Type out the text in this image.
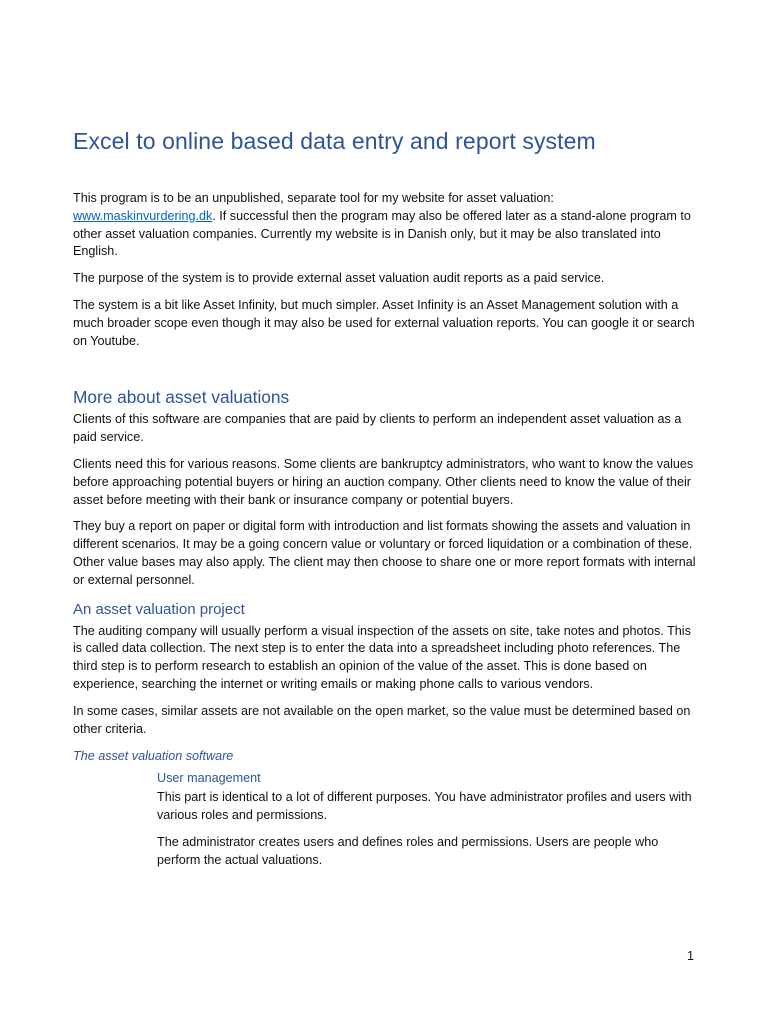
Excel to online based data entry and report system

This program is to be an unpublished, separate tool for my website for asset valuation: www.maskinvurdering.dk. If successful then the program may also be offered later as a stand-alone program to other asset valuation companies. Currently my website is in Danish only, but it may be also translated into English.

The purpose of the system is to provide external asset valuation audit reports as a paid service.

The system is a bit like Asset Infinity, but much simpler. Asset Infinity is an Asset Management solution with a much broader scope even though it may also be used for external valuation reports. You can google it or search on Youtube.

More about asset valuations

Clients of this software are companies that are paid by clients to perform an independent asset valuation as a paid service.

Clients need this for various reasons. Some clients are bankruptcy administrators, who want to know the values before approaching potential buyers or hiring an auction company. Other clients need to know the value of their asset before meeting with their bank or insurance company or potential buyers.

They buy a report on paper or digital form with introduction and list formats showing the assets and valuation in different scenarios. It may be a going concern value or voluntary or forced liquidation or a combination of these. Other value bases may also apply. The client may then choose to share one or more report formats with internal or external personnel.

An asset valuation project

The auditing company will usually perform a visual inspection of the assets on site, take notes and photos. This is called data collection. The next step is to enter the data into a spreadsheet including photo references. The third step is to perform research to establish an opinion of the value of the asset. This is done based on experience, searching the internet or writing emails or making phone calls to various vendors.

In some cases, similar assets are not available on the open market, so the value must be determined based on other criteria.

The asset valuation software
User management

This part is identical to a lot of different purposes. You have administrator profiles and users with various roles and permissions.

The administrator creates users and defines roles and permissions. Users are people who perform the actual valuations.

1
